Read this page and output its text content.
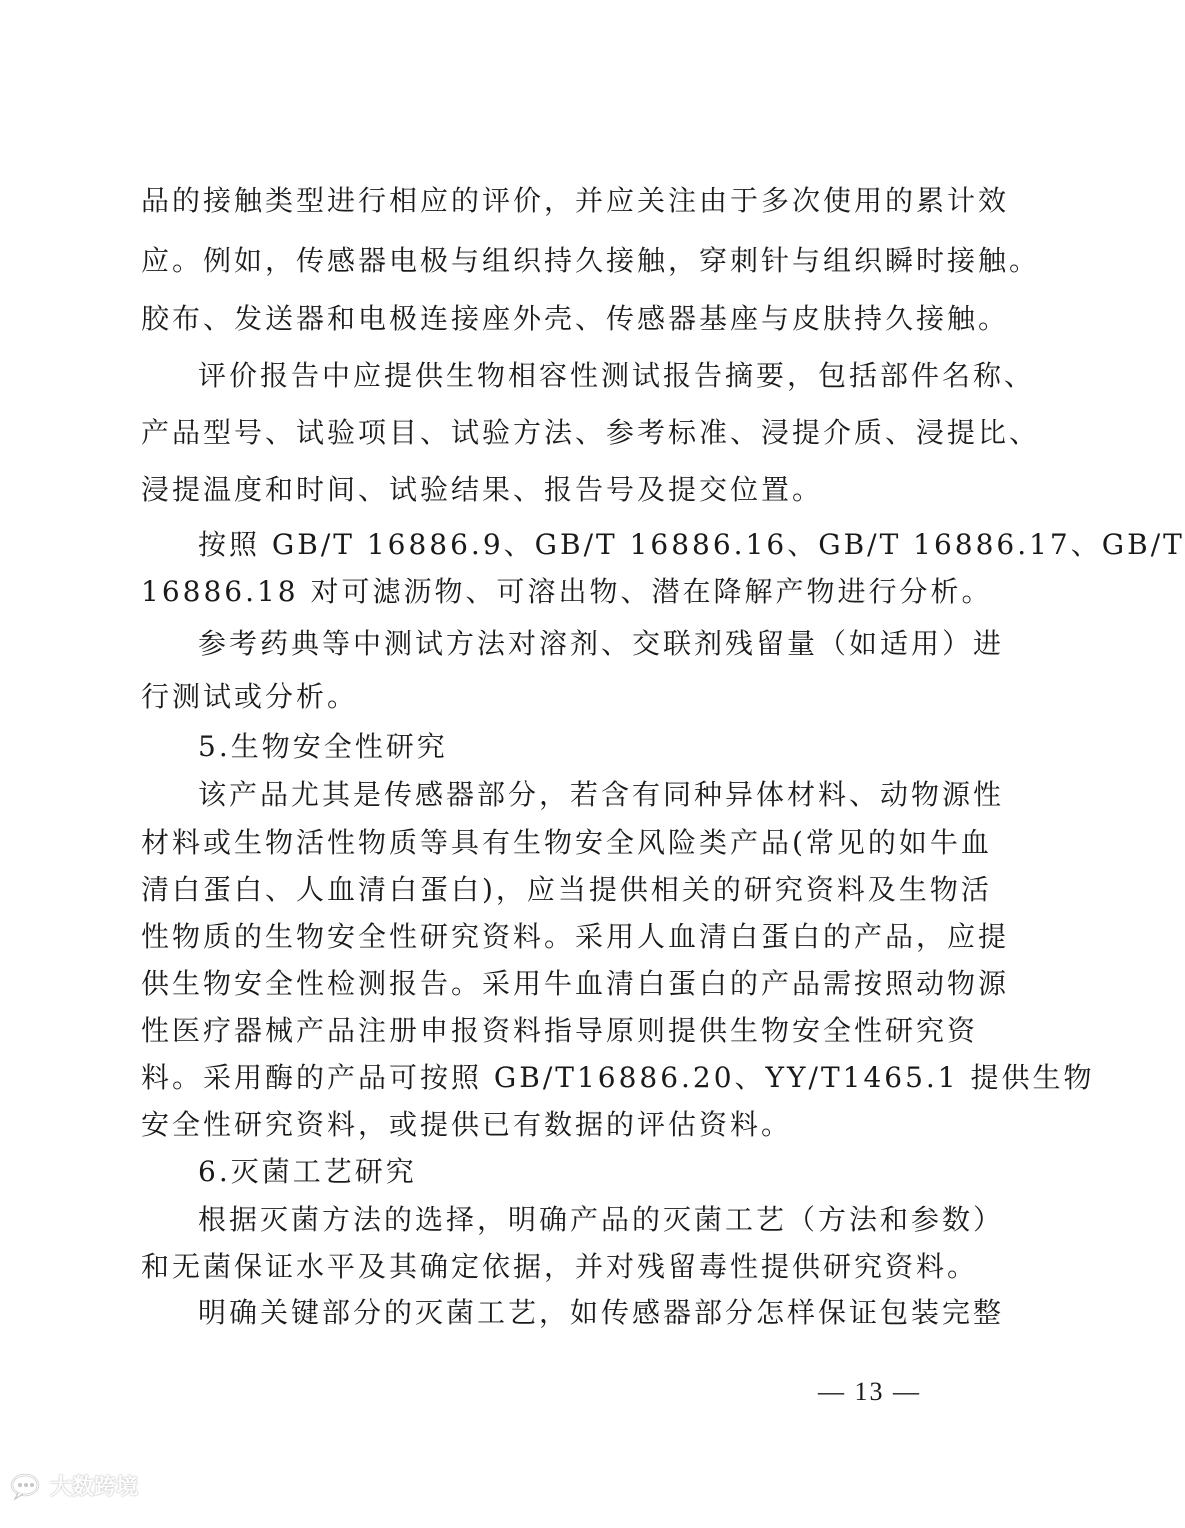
品的接触类型进行相应的评价，并应关注由于多次使用的累计效
应。例如，传感器电极与组织持久接触，穿刺针与组织瞬时接触。
胶布、发送器和电极连接座外壳、传感器基座与皮肤持久接触。
评价报告中应提供生物相容性测试报告摘要，包括部件名称、
产品型号、试验项目、试验方法、参考标准、浸提介质、浸提比、
浸提温度和时间、试验结果、报告号及提交位置。
按照 GB/T 16886.9、GB/T 16886.16、GB/T 16886.17、GB/T
16886.18 对可滤沥物、可溶出物、潜在降解产物进行分析。
参考药典等中测试方法对溶剂、交联剂残留量（如适用）进
行测试或分析。
5.生物安全性研究
该产品尤其是传感器部分，若含有同种异体材料、动物源性
材料或生物活性物质等具有生物安全风险类产品(常见的如牛血
清白蛋白、人血清白蛋白)，应当提供相关的研究资料及生物活
性物质的生物安全性研究资料。采用人血清白蛋白的产品，应提
供生物安全性检测报告。采用牛血清白蛋白的产品需按照动物源
性医疗器械产品注册申报资料指导原则提供生物安全性研究资
料。采用酶的产品可按照 GB/T16886.20、YY/T1465.1 提供生物
安全性研究资料，或提供已有数据的评估资料。
6.灭菌工艺研究
根据灭菌方法的选择，明确产品的灭菌工艺（方法和参数）
和无菌保证水平及其确定依据，并对残留毒性提供研究资料。
明确关键部分的灭菌工艺，如传感器部分怎样保证包装完整
— 13 —
大数跨境
